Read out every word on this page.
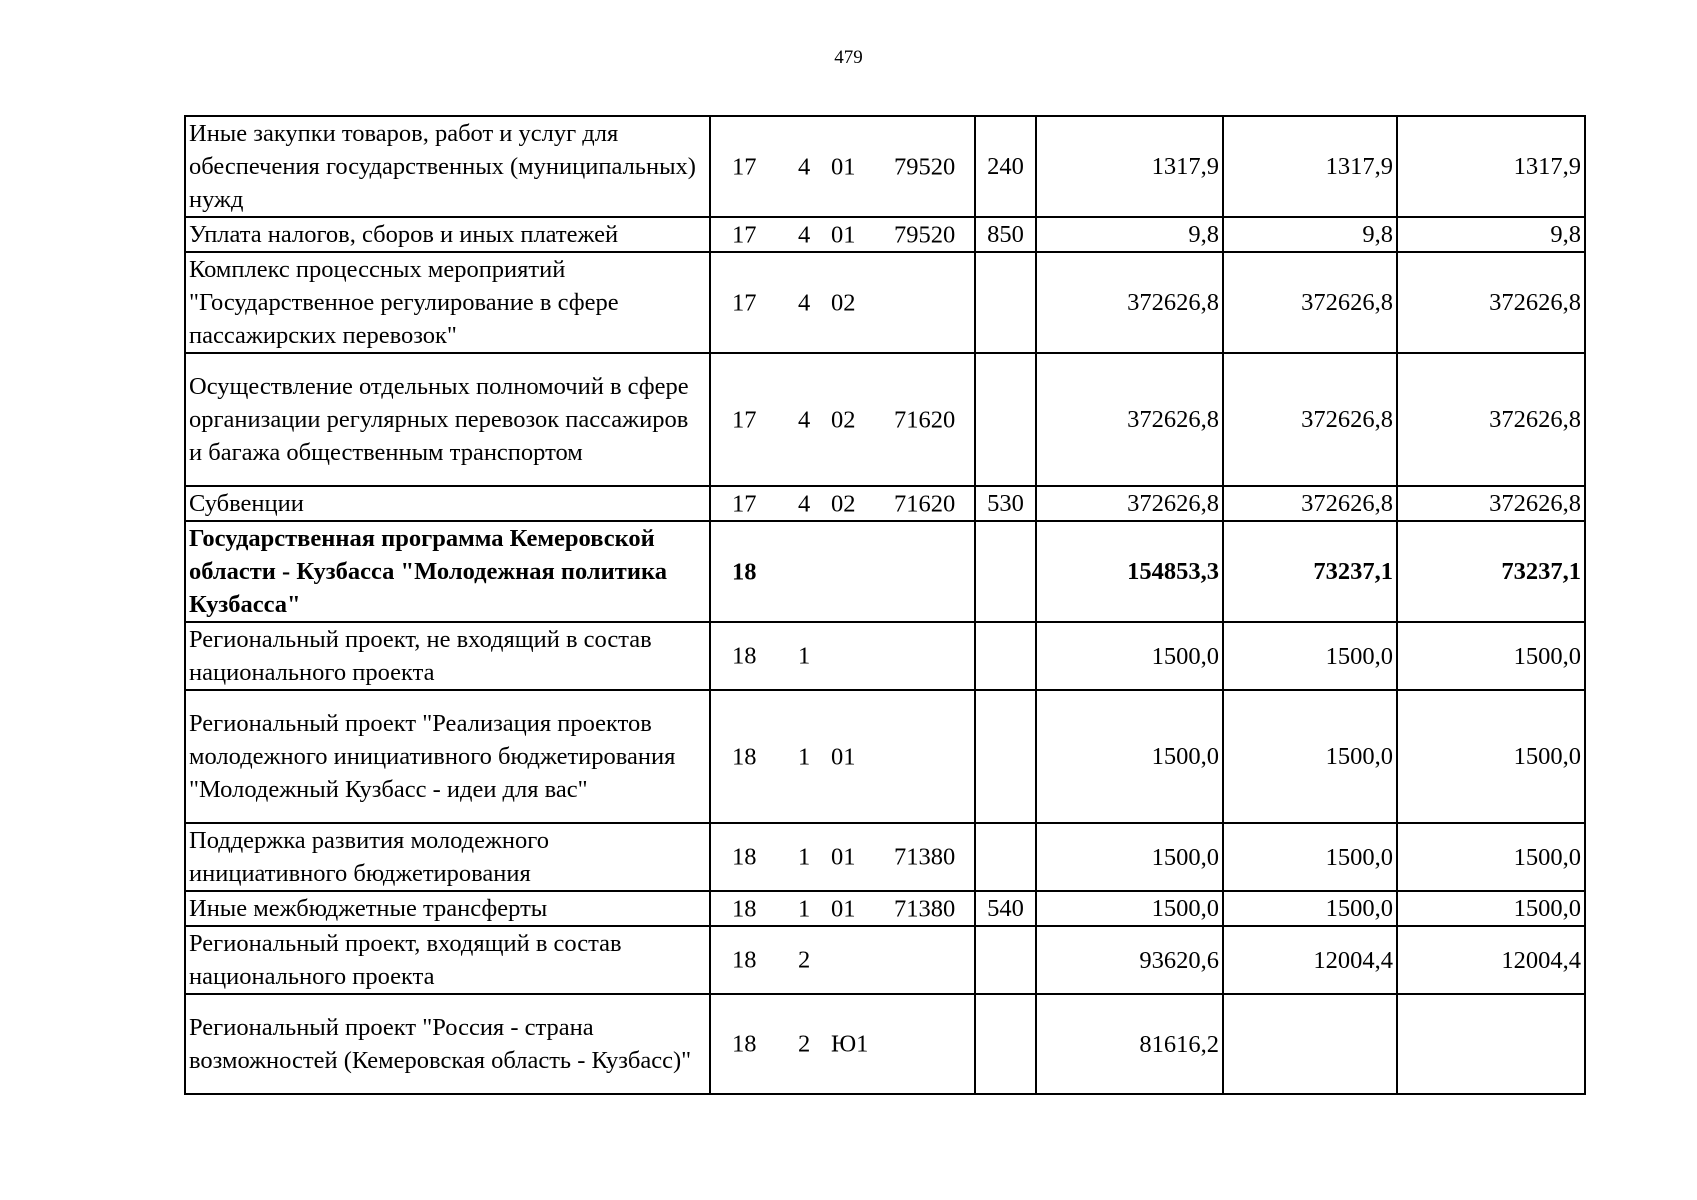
479
Иные закупки товаров, работ и услуг для обеспечения государственных (муниципальных) нужд	17 4 01 79520	240	1317,9	1317,9	1317,9
Уплата налогов, сборов и иных платежей	17 4 01 79520	850	9,8	9,8	9,8
Комплекс процессных мероприятий "Государственное регулирование в сфере пассажирских перевозок"	17 4 02		372626,8	372626,8	372626,8
Осуществление отдельных полномочий в сфере организации регулярных перевозок пассажиров и багажа общественным транспортом	17 4 02 71620		372626,8	372626,8	372626,8
Субвенции	17 4 02 71620	530	372626,8	372626,8	372626,8
Государственная программа Кемеровской области - Кузбасса "Молодежная политика Кузбасса"	18		154853,3	73237,1	73237,1
Региональный проект, не входящий в состав национального проекта	18 1		1500,0	1500,0	1500,0
Региональный проект "Реализация проектов молодежного инициативного бюджетирования "Молодежный Кузбасс - идеи для вас"	18 1 01		1500,0	1500,0	1500,0
Поддержка развития молодежного инициативного бюджетирования	18 1 01 71380		1500,0	1500,0	1500,0
Иные межбюджетные трансферты	18 1 01 71380	540	1500,0	1500,0	1500,0
Региональный проект, входящий в состав национального проекта	18 2		93620,6	12004,4	12004,4
Региональный проект "Россия - страна возможностей (Кемеровская область - Кузбасс)"	18 2 Ю1		81616,2		
